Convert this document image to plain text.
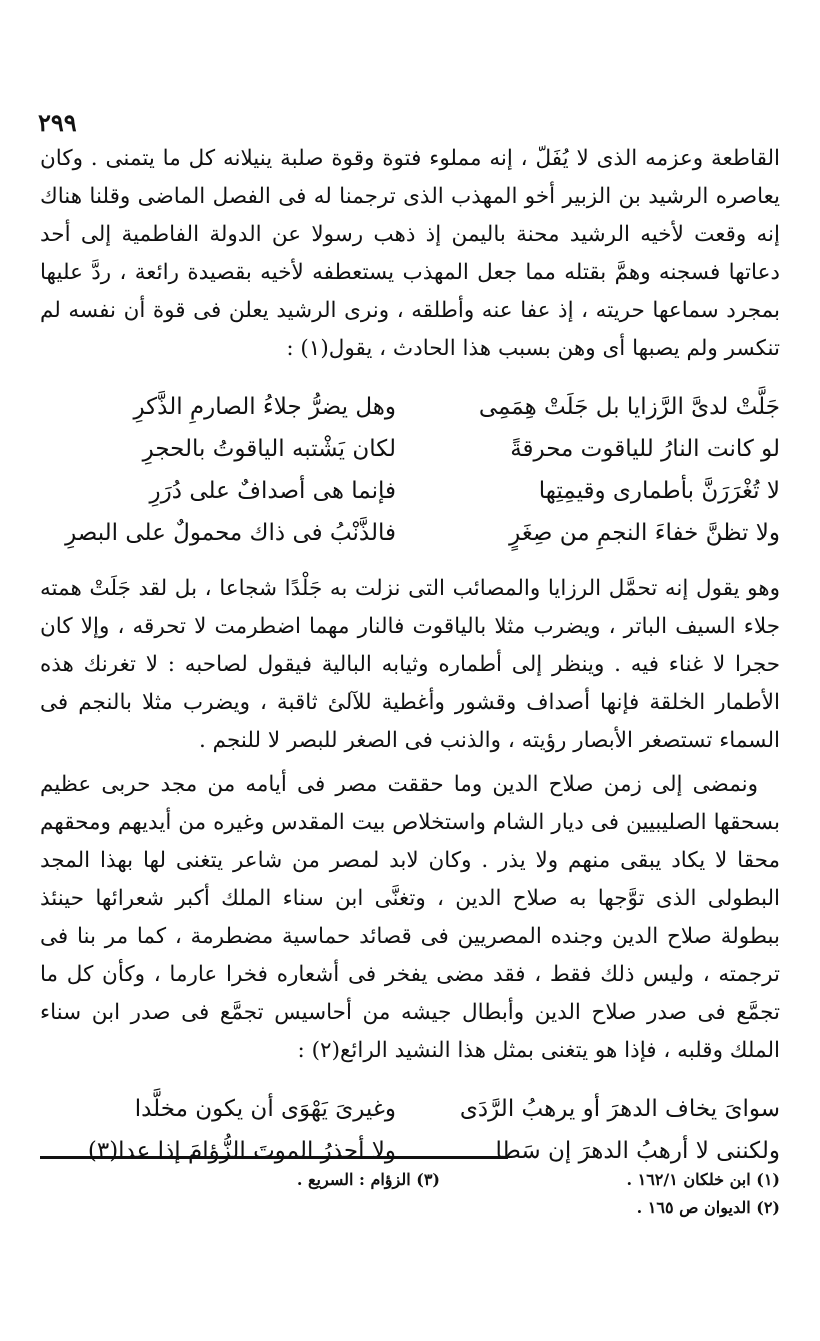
٢٩٩

القاطعة وعزمه الذى لا يُفَلّ ، إنه مملوء فتوة وقوة صلبة ينيلانه كل ما يتمنى . وكان يعاصره الرشيد بن الزبير أخو المهذب الذى ترجمنا له فى الفصل الماضى وقلنا هناك إنه وقعت لأخيه الرشيد محنة باليمن إذ ذهب رسولا عن الدولة الفاطمية إلى أحد دعاتها فسجنه وهمَّ بقتله مما جعل المهذب يستعطفه لأخيه بقصيدة رائعة ، ردَّ عليها بمجرد سماعها حريته ، إذ عفا عنه وأطلقه ، ونرى الرشيد يعلن فى قوة أن نفسه لم تنكسر ولم يصبها أى وهن بسبب هذا الحادث ، يقول(١) :

جَلَّتْ لدىَّ الرَّزايا بل جَلَتْ هِمَمِى
وهل يضرُّ جلاءُ الصارمِ الذَّكرِ
لو كانت النارُ للياقوت محرقةً
لكان يَشْتبه الياقوتُ بالحجرِ
لا تُغْرَرَنَّ بأطمارى وقيمِتِها
فإنما هى أصدافٌ على دُرَرِ
ولا تظنَّ خفاءَ النجمِ من صِغَرٍ
فالذَّنْبُ فى ذاك محمولٌ على البصرِ

وهو يقول إنه تحمَّل الرزايا والمصائب التى نزلت به جَلْدًا شجاعا ، بل لقد جَلَتْ همته جلاء السيف الباتر ، ويضرب مثلا بالياقوت فالنار مهما اضطرمت لا تحرقه ، وإلا كان حجرا لا غناء فيه . وينظر إلى أطماره وثيابه البالية فيقول لصاحبه : لا تغرنك هذه الأطمار الخلقة فإنها أصداف وقشور وأغطية للآلئ ثاقبة ، ويضرب مثلا بالنجم فى السماء تستصغر الأبصار رؤيته ، والذنب فى الصغر للبصر لا للنجم .

ونمضى إلى زمن صلاح الدين وما حققت مصر فى أيامه من مجد حربى عظيم بسحقها الصليبيين فى ديار الشام واستخلاص بيت المقدس وغيره من أيديهم ومحقهم محقا لا يكاد يبقى منهم ولا يذر . وكان لابد لمصر من شاعر يتغنى لها بهذا المجد البطولى الذى توَّجها به صلاح الدين ، وتغنَّى ابن سناء الملك أكبر شعرائها حينئذ ببطولة صلاح الدين وجنده المصريين فى قصائد حماسية مضطرمة ، كما مر بنا فى ترجمته ، وليس ذلك فقط ، فقد مضى يفخر فى أشعاره فخرا عارما ، وكأن كل ما تجمَّع فى صدر صلاح الدين وأبطال جيشه من أحاسيس تجمَّع فى صدر ابن سناء الملك وقلبه ، فإذا هو يتغنى بمثل هذا النشيد الرائع(٢) :

سواىَ يخاف الدهرَ أو يرهبُ الرَّدَى
وغيرىَ يَهْوَى أن يكون مخلَّدا
ولكننى لا أرهبُ الدهرَ إن سَطا
ولا أحذرُ الموتَ الزُّؤامَ إذا عدا(٣)
(١) ابن خلكان ١٦٢/١ .
(٣) الزؤام : السريع .
(٢) الديوان ص ١٦٥ .
